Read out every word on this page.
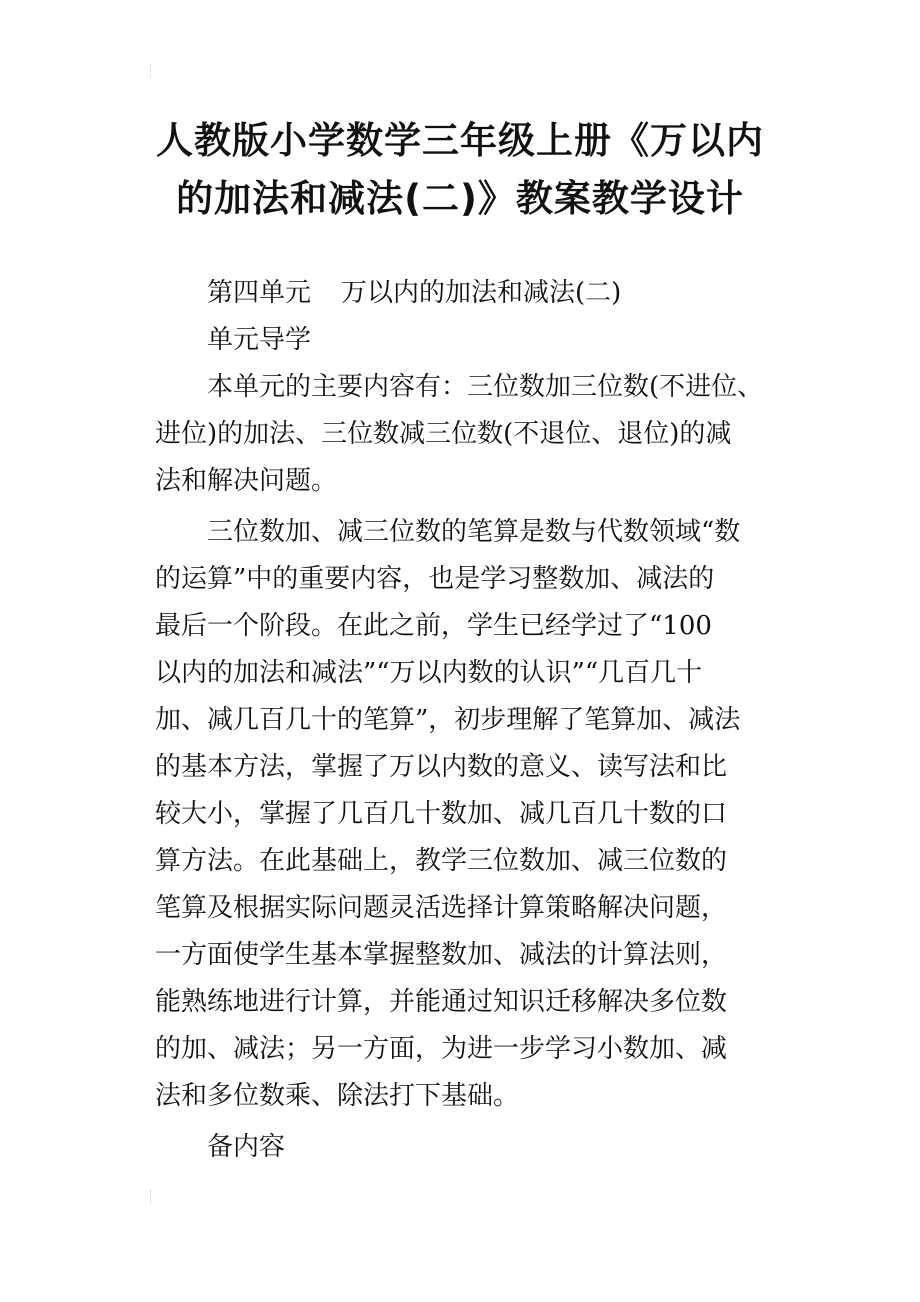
人教版小学数学三年级上册《万以内
的加法和减法(二)》教案教学设计

第四单元 万以内的加法和减法(二)

单元导学

本单元的主要内容有：三位数加三位数(不进位、
进位)的加法、三位数减三位数(不退位、退位)的减
法和解决问题。

三位数加、减三位数的笔算是数与代数领域“数
的运算”中的重要内容，也是学习整数加、减法的
最后一个阶段。在此之前，学生已经学过了“100
以内的加法和减法”“万以内数的认识”“几百几十
加、减几百几十的笔算”，初步理解了笔算加、减法
的基本方法，掌握了万以内数的意义、读写法和比
较大小，掌握了几百几十数加、减几百几十数的口
算方法。在此基础上，教学三位数加、减三位数的
笔算及根据实际问题灵活选择计算策略解决问题，
一方面使学生基本掌握整数加、减法的计算法则，
能熟练地进行计算，并能通过知识迁移解决多位数
的加、减法；另一方面，为进一步学习小数加、减
法和多位数乘、除法打下基础。

备内容
